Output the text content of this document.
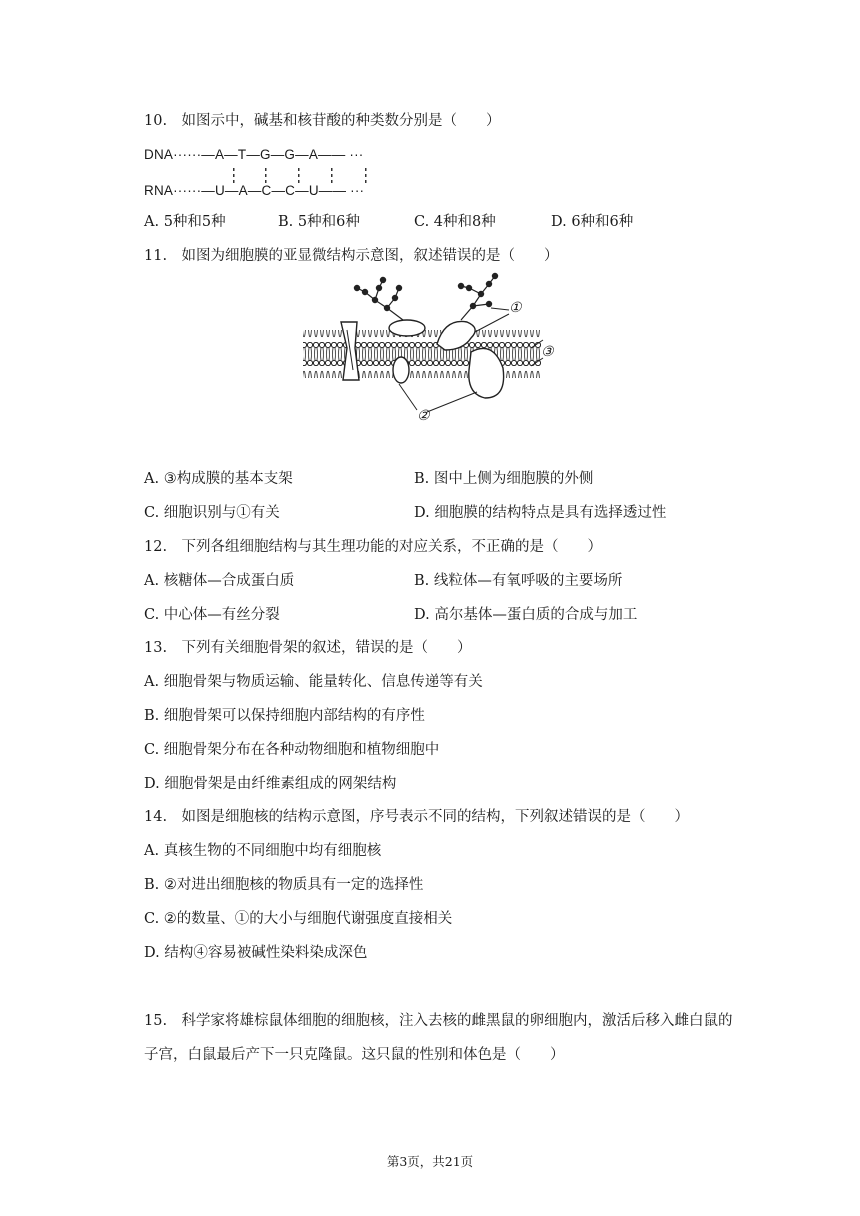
10.　如图示中，碱基和核苷酸的种类数分别是（　　）
DNA······—A—T—G—G—A—— ···
RNA······—U—A—C—C—U—— ···
A. 5种和5种	B. 5种和6种	C. 4种和8种	D. 6种和6种
11.　如图为细胞膜的亚显微结构示意图，叙述错误的是（　　）
①
③
②
A. ③构成膜的基本支架	B. 图中上侧为细胞膜的外侧
C. 细胞识别与①有关	D. 细胞膜的结构特点是具有选择透过性
12.　下列各组细胞结构与其生理功能的对应关系，不正确的是（　　）
A. 核糖体—合成蛋白质	B. 线粒体—有氧呼吸的主要场所
C. 中心体—有丝分裂	D. 高尔基体—蛋白质的合成与加工
13.　下列有关细胞骨架的叙述，错误的是（　　）
A. 细胞骨架与物质运输、能量转化、信息传递等有关
B. 细胞骨架可以保持细胞内部结构的有序性
C. 细胞骨架分布在各种动物细胞和植物细胞中
D. 细胞骨架是由纤维素组成的网架结构
14.　如图是细胞核的结构示意图，序号表示不同的结构，下列叙述错误的是（　　）
A. 真核生物的不同细胞中均有细胞核
B. ②对进出细胞核的物质具有一定的选择性
C. ②的数量、①的大小与细胞代谢强度直接相关
D. 结构④容易被碱性染料染成深色
15.　科学家将雄棕鼠体细胞的细胞核，注入去核的雌黑鼠的卵细胞内，激活后移入雌白鼠的
子宫，白鼠最后产下一只克隆鼠。这只鼠的性别和体色是（　　）
第3页，共21页
